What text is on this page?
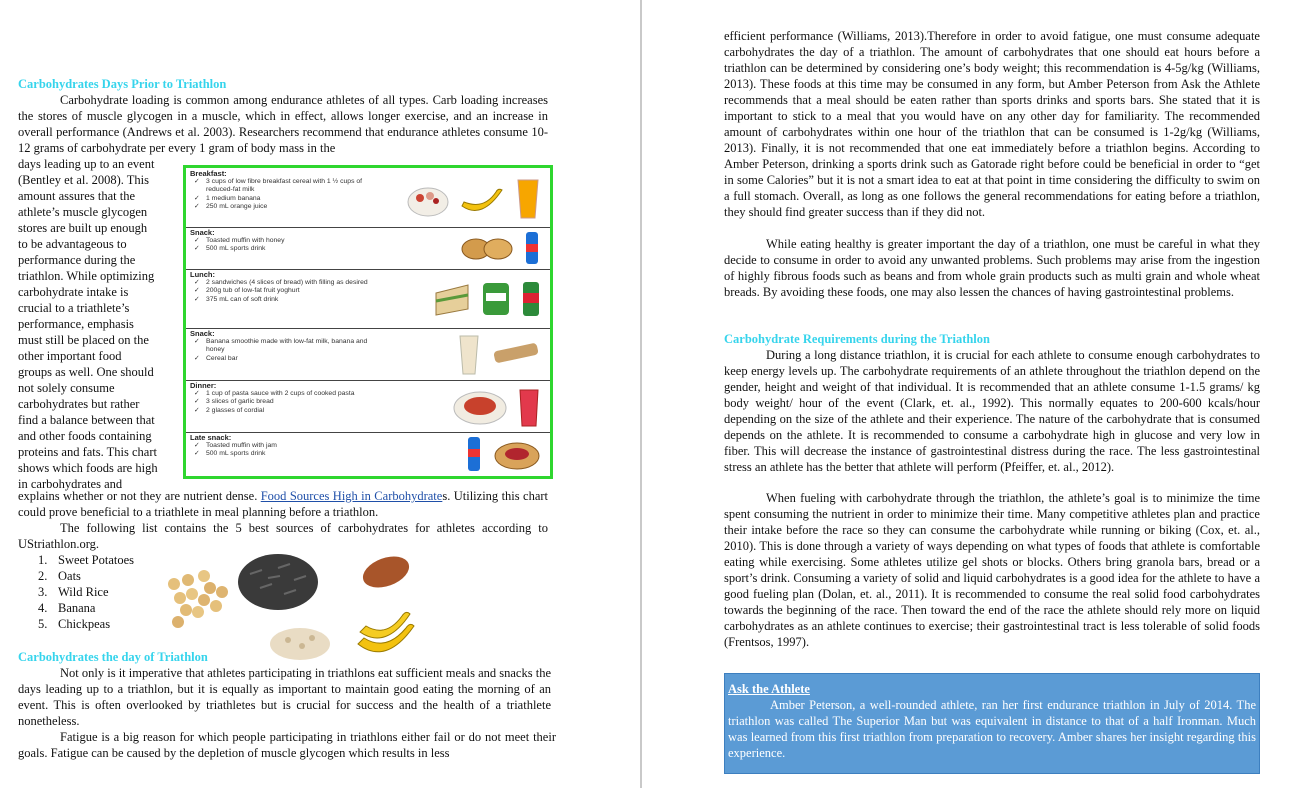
Carbohydrates Days Prior to Triathlon
Carbohydrate loading is common among endurance athletes of all types. Carb loading increases the stores of muscle glycogen in a muscle, which in effect, allows longer exercise, and an increase in overall performance (Andrews et al. 2003). Researchers recommend that endurance athletes consume 10-12 grams of carbohydrate per every 1 gram of body mass in the
days leading up to an event
(Bentley et al. 2008). This
amount assures that the
athlete’s muscle glycogen
stores are built up enough
to be advantageous to
performance during the
triathlon. While optimizing
carbohydrate intake is
crucial to a triathlete’s
performance, emphasis
must still be placed on the
other important food
groups as well. One should
not solely consume
carbohydrates but rather
find a balance between that
and other foods containing
proteins and fats. This chart
shows which foods are high
in carbohydrates and
Breakfast:
✓ 3 cups of low fibre breakfast cereal with 1 ½ cups of reduced-fat milk
✓ 1 medium banana
✓ 250 mL orange juice
Snack:
✓ Toasted muffin with honey
✓ 500 mL sports drink
Lunch:
✓ 2 sandwiches (4 slices of bread) with filling as desired
✓ 200g tub of low-fat fruit yoghurt
✓ 375 mL can of soft drink
Snack:
✓ Banana smoothie made with low-fat milk, banana and honey
✓ Cereal bar
Dinner:
✓ 1 cup of pasta sauce with 2 cups of cooked pasta
✓ 3 slices of garlic bread
✓ 2 glasses of cordial
Late snack:
✓ Toasted muffin with jam
✓ 500 mL sports drink
explains whether or not they are nutrient dense. Food Sources High in Carbohydrates. Utilizing this chart could prove beneficial to a triathlete in meal planning before a triathlon.
The following list contains the 5 best sources of carbohydrates for athletes according to UStriathlon.org.
1. Sweet Potatoes
2. Oats
3. Wild Rice
4. Banana
5. Chickpeas
Carbohydrates the day of Triathlon
Not only is it imperative that athletes participating in triathlons eat sufficient meals and snacks the days leading up to a triathlon, but it is equally as important to maintain good eating the morning of an event. This is often overlooked by triathletes but is crucial for success and the health of a triathlete nonetheless.
Fatigue is a big reason for which people participating in triathlons either fail or do not meet their goals. Fatigue can be caused by the depletion of muscle glycogen which results in less
efficient performance (Williams, 2013).Therefore in order to avoid fatigue, one must consume adequate carbohydrates the day of a triathlon. The amount of carbohydrates that one should eat hours before a triathlon can be determined by considering one’s body weight; this recommendation is 4-5g/kg (Williams, 2013). These foods at this time may be consumed in any form, but Amber Peterson from Ask the Athlete recommends that a meal should be eaten rather than sports drinks and sports bars. She stated that it is important to stick to a meal that you would have on any other day for familiarity. The recommended amount of carbohydrates within one hour of the triathlon that can be consumed is 1-2g/kg (Williams, 2013). Finally, it is not recommended that one eat immediately before a triathlon begins. According to Amber Peterson, drinking a sports drink such as Gatorade right before could be beneficial in order to “get in some Calories” but it is not a smart idea to eat at that point in time considering the difficulty to swim on a full stomach. Overall, as long as one follows the general recommendations for eating before a triathlon, they should find greater success than if they did not.
While eating healthy is greater important the day of a triathlon, one must be careful in what they decide to consume in order to avoid any unwanted problems. Such problems may arise from the ingestion of highly fibrous foods such as beans and from whole grain products such as multi grain and whole wheat breads. By avoiding these foods, one may also lessen the chances of having gastrointestinal problems.
Carbohydrate Requirements during the Triathlon
During a long distance triathlon, it is crucial for each athlete to consume enough carbohydrates to keep energy levels up. The carbohydrate requirements of an athlete throughout the triathlon depend on the gender, height and weight of that individual. It is recommended that an athlete consume 1-1.5 grams/ kg body weight/ hour of the event (Clark, et. al., 1992). This normally equates to 200-600 kcals/hour depending on the size of the athlete and their experience. The nature of the carbohydrate that is consumed depends on the athlete. It is recommended to consume a carbohydrate high in glucose and very low in fiber. This will decrease the instance of gastrointestinal distress during the race. The less gastrointestinal stress an athlete has the better that athlete will perform (Pfeiffer, et. al., 2012).
When fueling with carbohydrate through the triathlon, the athlete’s goal is to minimize the time spent consuming the nutrient in order to minimize their time. Many competitive athletes plan and practice their intake before the race so they can consume the carbohydrate while running or biking (Cox, et. al., 2010). This is done through a variety of ways depending on what types of foods that athlete is comfortable eating while exercising. Some athletes utilize gel shots or blocks. Others bring granola bars, bread or a sport’s drink. Consuming a variety of solid and liquid carbohydrates is a good idea for the athlete to have a good fueling plan (Dolan, et. al., 2011). It is recommended to consume the real solid food carbohydrates towards the beginning of the race. Then toward the end of the race the athlete should rely more on liquid carbohydrates as an athlete continues to exercise; their gastrointestinal tract is less tolerable of solid foods (Frentsos, 1997).
Ask the Athlete
Amber Peterson, a well-rounded athlete, ran her first endurance triathlon in July of 2014. The triathlon was called The Superior Man but was equivalent in distance to that of a half Ironman. Much was learned from this first triathlon from preparation to recovery. Amber shares her insight regarding this experience.
